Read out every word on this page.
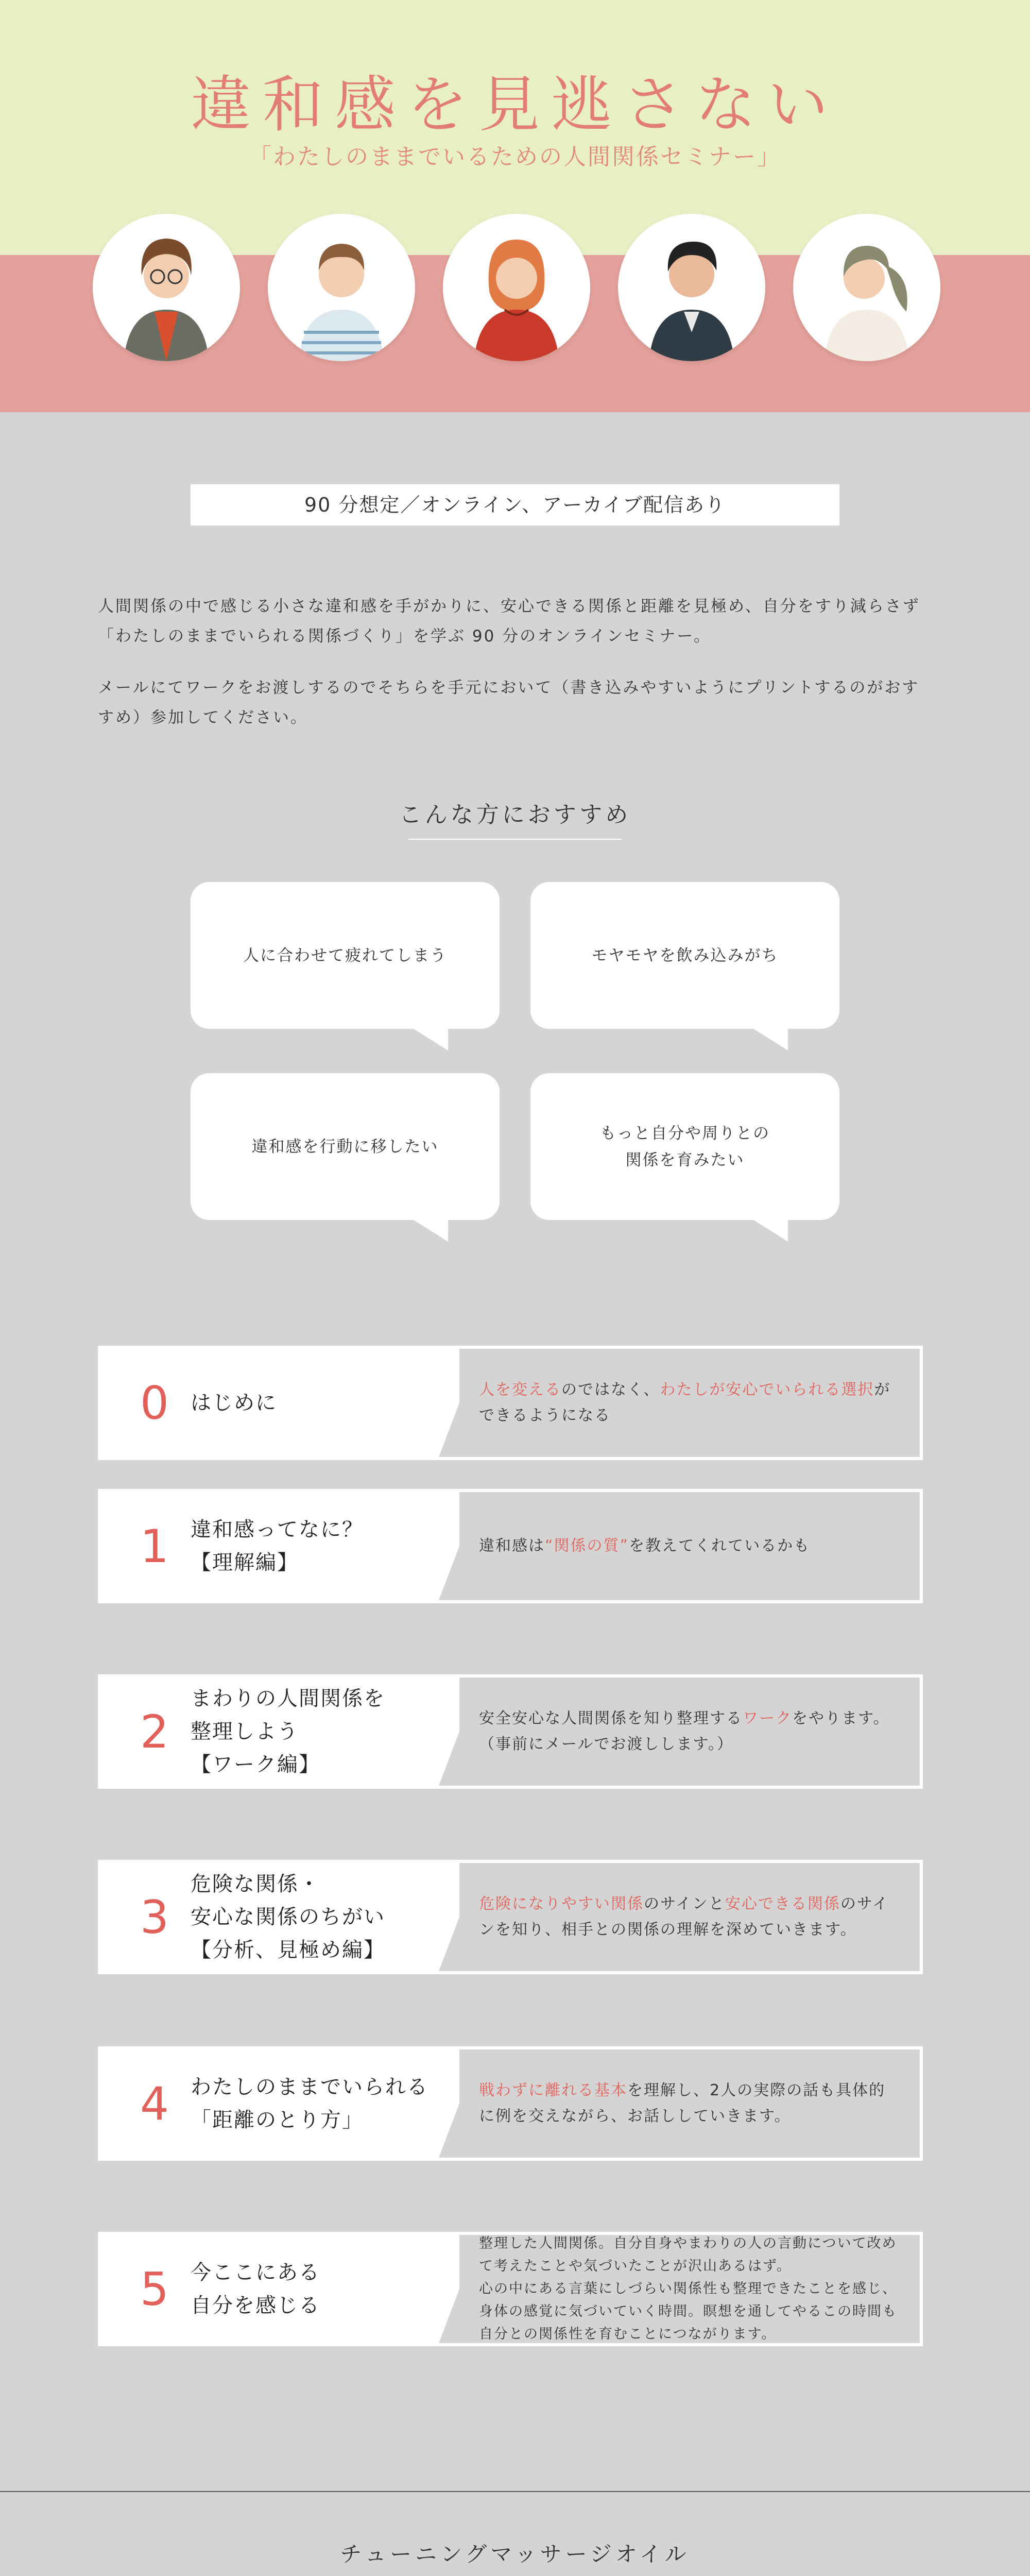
違和感を見逃さない
「わたしのままでいるための人間関係セミナー」
90 分想定／オンライン、アーカイブ配信あり
人間関係の中で感じる小さな違和感を手がかりに、安心できる関係と距離を見極め、自分をすり減らさず「わたしのままでいられる関係づくり」を学ぶ 90 分のオンラインセミナー。
メールにてワークをお渡しするのでそちらを手元において（書き込みやすいようにプリントするのがおすすめ）参加してください。
こんな方におすすめ
人に合わせて疲れてしまう	モヤモヤを飲み込みがち
違和感を行動に移したい
もっと自分や周りとの
関係を育みたい
0	はじめに
人を変えるのではなく、わたしが安心でいられる選択ができるようになる
1	違和感ってなに？
【理解編】
違和感は“関係の質”を教えてくれているかも
2
まわりの人間関係を
整理しよう
【ワーク編】
安全安心な人間関係を知り整理するワークをやります。（事前にメールでお渡しします。）
3
危険な関係・
安心な関係のちがい
【分析、見極め編】
危険になりやすい関係のサインと安心できる関係のサインを知り、相手との関係の理解を深めていきます。
4	わたしのままでいられる
「距離のとり方」
戦わずに離れる基本を理解し、2人の実際の話も具体的に例を交えながら、お話ししていきます。
5	今ここにある
自分を感じる
整理した人間関係。自分自身やまわりの人の言動について改めて考えたことや気づいたことが沢山あるはず。
心の中にある言葉にしづらい関係性も整理できたことを感じ、身体の感覚に気づいていく時間。瞑想を通してやるこの時間も自分との関係性を育むことにつながります。
チューニングマッサージオイル
